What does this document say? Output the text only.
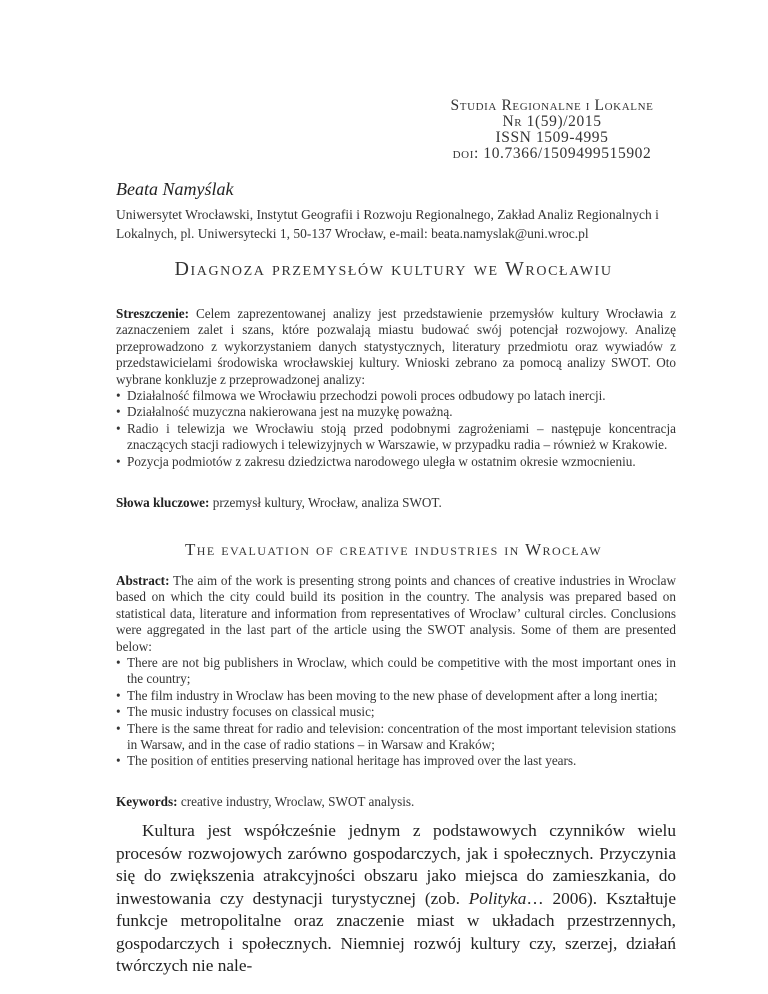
Studia Regionalne i Lokalne
Nr 1(59)/2015
ISSN 1509-4995
doi: 10.7366/1509499515902
Beata Namyślak
Uniwersytet Wrocławski, Instytut Geografii i Rozwoju Regionalnego, Zakład Analiz Regionalnych i Lokalnych, pl. Uniwersytecki 1, 50-137 Wrocław, e-mail: beata.namyslak@uni.wroc.pl
Diagnoza przemysłów kultury we Wrocławiu

Streszczenie: Celem zaprezentowanej analizy jest przedstawienie przemysłów kultury Wrocławia z zaznaczeniem zalet i szans, które pozwalają miastu budować swój potencjał rozwojowy. Analizę przeprowadzono z wykorzystaniem danych statystycznych, literatury przedmiotu oraz wywiadów z przedstawicielami środowiska wrocławskiej kultury. Wnioski zebrano za pomocą analizy SWOT. Oto wybrane konkluzje z przeprowadzonej analizy:

• Działalność filmowa we Wrocławiu przechodzi powoli proces odbudowy po latach inercji.
• Działalność muzyczna nakierowana jest na muzykę poważną.
• Radio i telewizja we Wrocławiu stoją przed podobnymi zagrożeniami – następuje koncentracja znaczących stacji radiowych i telewizyjnych w Warszawie, w przypadku radia – również w Krakowie.
• Pozycja podmiotów z zakresu dziedzictwa narodowego uległa w ostatnim okresie wzmocnieniu.
Słowa kluczowe: przemysł kultury, Wrocław, analiza SWOT.
The evaluation of creative industries in Wrocław

Abstract: The aim of the work is presenting strong points and chances of creative industries in Wroclaw based on which the city could build its position in the country. The analysis was prepared based on statistical data, literature and information from representatives of Wroclaw’ cultural circles. Conclusions were aggregated in the last part of the article using the SWOT analysis. Some of them are presented below:

• There are not big publishers in Wroclaw, which could be competitive with the most important ones in the country;
• The film industry in Wroclaw has been moving to the new phase of development after a long inertia;
• The music industry focuses on classical music;
• There is the same threat for radio and television: concentration of the most important television stations in Warsaw, and in the case of radio stations – in Warsaw and Kraków;
• The position of entities preserving national heritage has improved over the last years.
Keywords: creative industry, Wroclaw, SWOT analysis.

Kultura jest współcześnie jednym z podstawowych czynników wielu procesów rozwojowych zarówno gospodarczych, jak i społecznych. Przyczynia się do zwiększenia atrakcyjności obszaru jako miejsca do zamieszkania, do inwestowania czy destynacji turystycznej (zob. Polityka… 2006). Kształtuje funkcje metropolitalne oraz znaczenie miast w układach przestrzennych, gospodarczych i społecznych. Niemniej rozwój kultury czy, szerzej, działań twórczych nie nale-
